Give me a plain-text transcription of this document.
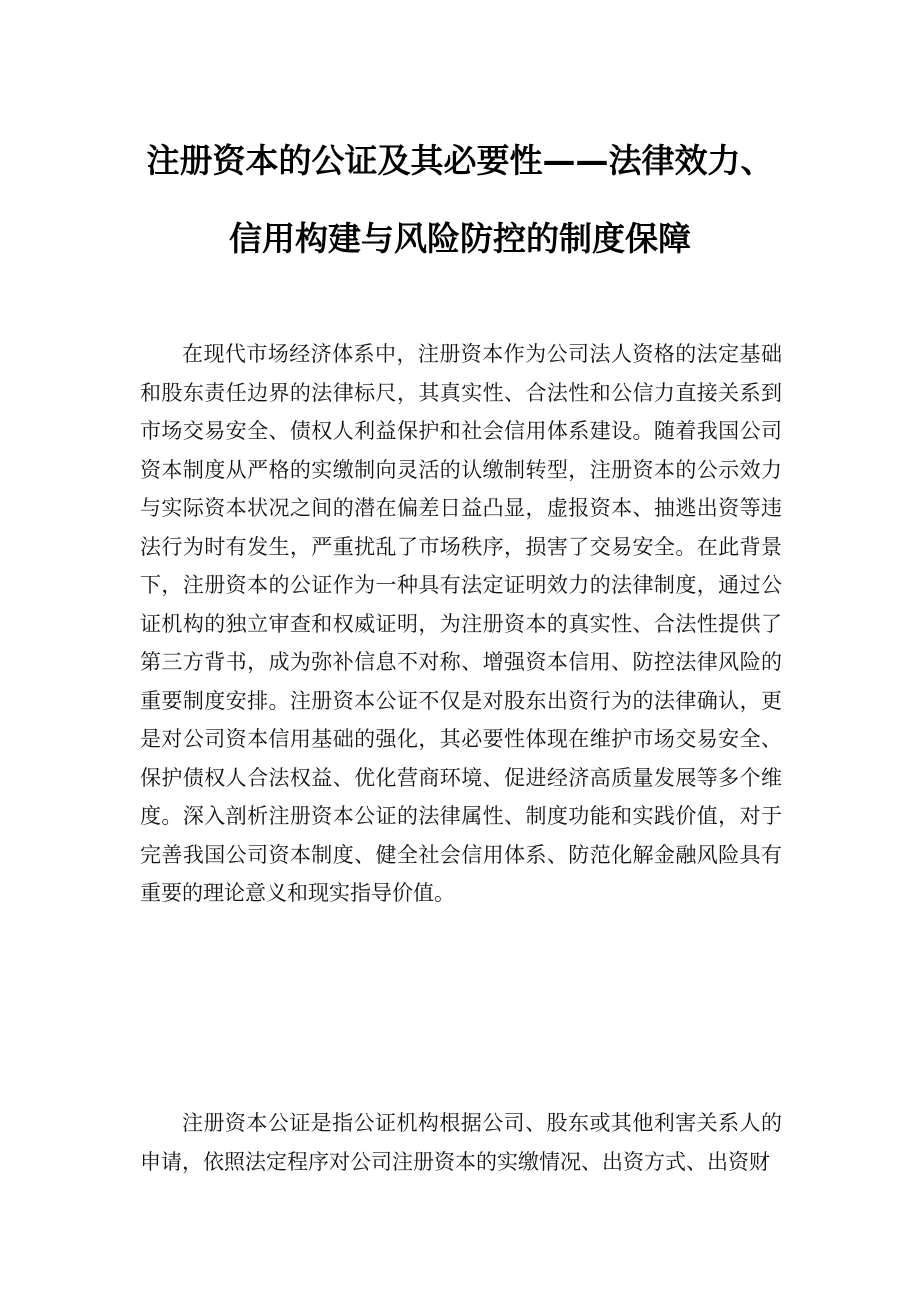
注册资本的公证及其必要性——法律效力、
信用构建与风险防控的制度保障

在现代市场经济体系中，注册资本作为公司法人资格的法定基础和股东责任边界的法律标尺，其真实性、合法性和公信力直接关系到市场交易安全、债权人利益保护和社会信用体系建设。随着我国公司资本制度从严格的实缴制向灵活的认缴制转型，注册资本的公示效力与实际资本状况之间的潜在偏差日益凸显，虚报资本、抽逃出资等违法行为时有发生，严重扰乱了市场秩序，损害了交易安全。在此背景下，注册资本的公证作为一种具有法定证明效力的法律制度，通过公证机构的独立审查和权威证明，为注册资本的真实性、合法性提供了第三方背书，成为弥补信息不对称、增强资本信用、防控法律风险的重要制度安排。注册资本公证不仅是对股东出资行为的法律确认，更是对公司资本信用基础的强化，其必要性体现在维护市场交易安全、保护债权人合法权益、优化营商环境、促进经济高质量发展等多个维度。深入剖析注册资本公证的法律属性、制度功能和实践价值，对于完善我国公司资本制度、健全社会信用体系、防范化解金融风险具有重要的理论意义和现实指导价值。

注册资本公证是指公证机构根据公司、股东或其他利害关系人的申请，依照法定程序对公司注册资本的实缴情况、出资方式、出资财
